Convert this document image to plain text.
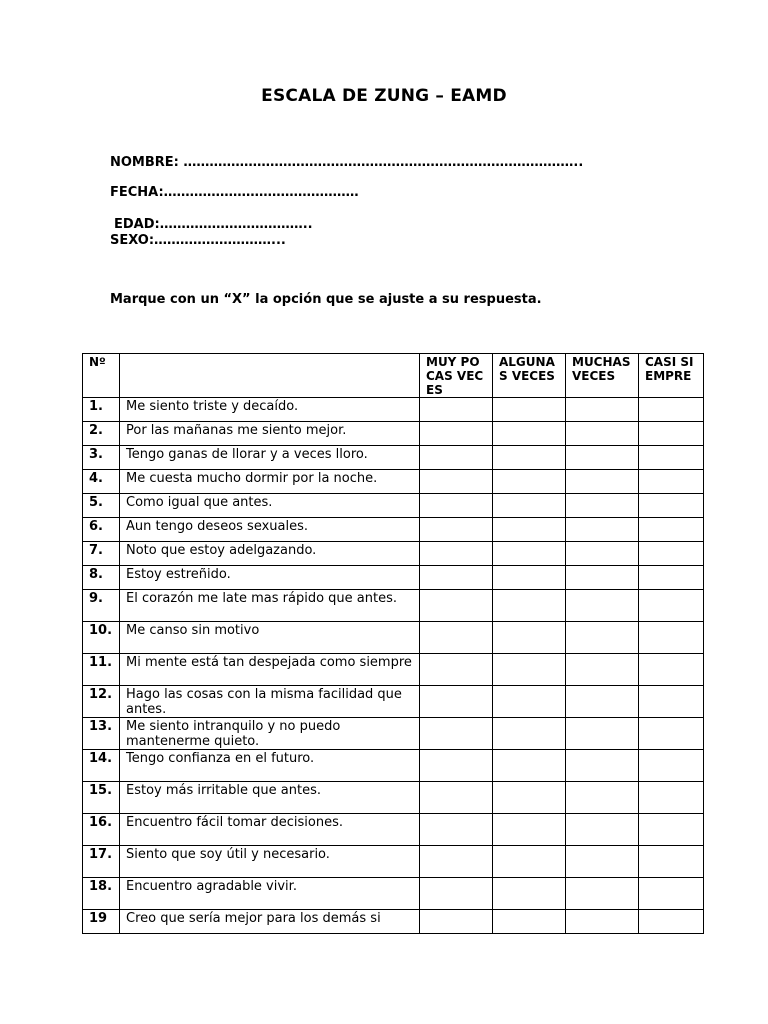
ESCALA DE ZUNG – EAMD
NOMBRE: ………………………………………………………………………………..
FECHA:………………………………………
EDAD:……………………………..
SEXO:………………………...
Marque con un “X” la opción que se ajuste a su respuesta.
Nº		MUY POCAS VECES	ALGUNAS VECES	MUCHAS VECES	CASI SIEMPRE

1.	Me siento triste y decaído.				
2.	Por las mañanas me siento mejor.				
3.	Tengo ganas de llorar y a veces lloro.				
4.	Me cuesta mucho dormir por la noche.				
5.	Como igual que antes.				
6.	Aun tengo deseos sexuales.				
7.	Noto que estoy adelgazando.				
8.	Estoy estreñido.				
9.	El corazón me late mas rápido que antes.				
10.	Me canso sin motivo				
11.	Mi mente está tan despejada como siempre				
12.	Hago las cosas con la misma facilidad que antes.				
13.	Me siento intranquilo y no puedo mantenerme quieto.				
14.	Tengo confianza en el futuro.				
15.	Estoy más irritable que antes.				
16.	Encuentro fácil tomar decisiones.				
17.	Siento que soy útil y necesario.				
18.	Encuentro agradable vivir.				
19	Creo que sería mejor para los demás si				
